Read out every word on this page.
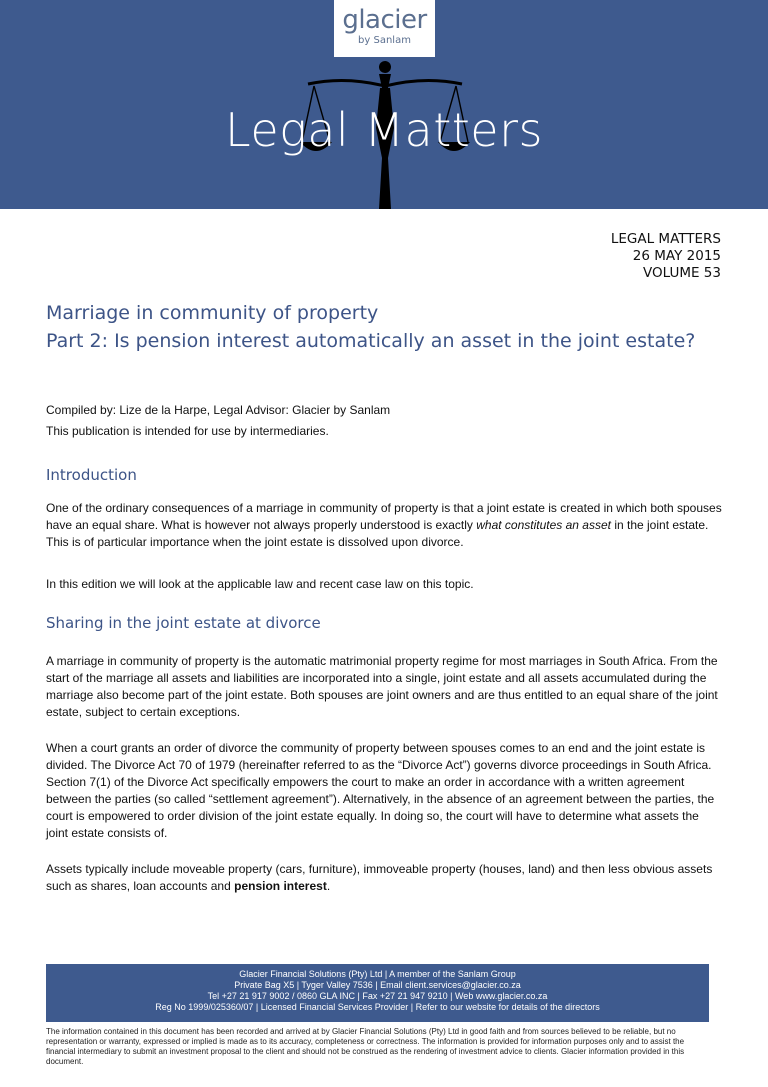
glacier
by Sanlam
Legal Matters
LEGAL MATTERS
26 MAY 2015
VOLUME 53
Marriage in community of property
Part 2: Is pension interest automatically an asset in the joint estate?
Compiled by: Lize de la Harpe, Legal Advisor: Glacier by Sanlam
This publication is intended for use by intermediaries.
Introduction
One of the ordinary consequences of a marriage in community of property is that a joint estate is created in which both spouses have an equal share. What is however not always properly understood is exactly what constitutes an asset in the joint estate. This is of particular importance when the joint estate is dissolved upon divorce.
In this edition we will look at the applicable law and recent case law on this topic.
Sharing in the joint estate at divorce
A marriage in community of property is the automatic matrimonial property regime for most marriages in South Africa. From the start of the marriage all assets and liabilities are incorporated into a single, joint estate and all assets accumulated during the marriage also become part of the joint estate. Both spouses are joint owners and are thus entitled to an equal share of the joint estate, subject to certain exceptions.
When a court grants an order of divorce the community of property between spouses comes to an end and the joint estate is divided. The Divorce Act 70 of 1979 (hereinafter referred to as the “Divorce Act”) governs divorce proceedings in South Africa. Section 7(1) of the Divorce Act specifically empowers the court to make an order in accordance with a written agreement between the parties (so called “settlement agreement”). Alternatively, in the absence of an agreement between the parties, the court is empowered to order division of the joint estate equally. In doing so, the court will have to determine what assets the joint estate consists of.
Assets typically include moveable property (cars, furniture), immoveable property (houses, land) and then less obvious assets such as shares, loan accounts and pension interest.
Glacier Financial Solutions (Pty) Ltd | A member of the Sanlam Group
Private Bag X5 | Tyger Valley 7536 | Email client.services@glacier.co.za
Tel +27 21 917 9002 / 0860 GLA INC | Fax +27 21 947 9210 | Web www.glacier.co.za
Reg No 1999/025360/07 | Licensed Financial Services Provider | Refer to our website for details of the directors
The information contained in this document has been recorded and arrived at by Glacier Financial Solutions (Pty) Ltd in good faith and from sources believed to be reliable, but no representation or warranty, expressed or implied is made as to its accuracy, completeness or correctness. The information is provided for information purposes only and to assist the financial intermediary to submit an investment proposal to the client and should not be construed as the rendering of investment advice to clients. Glacier information provided in this document.
